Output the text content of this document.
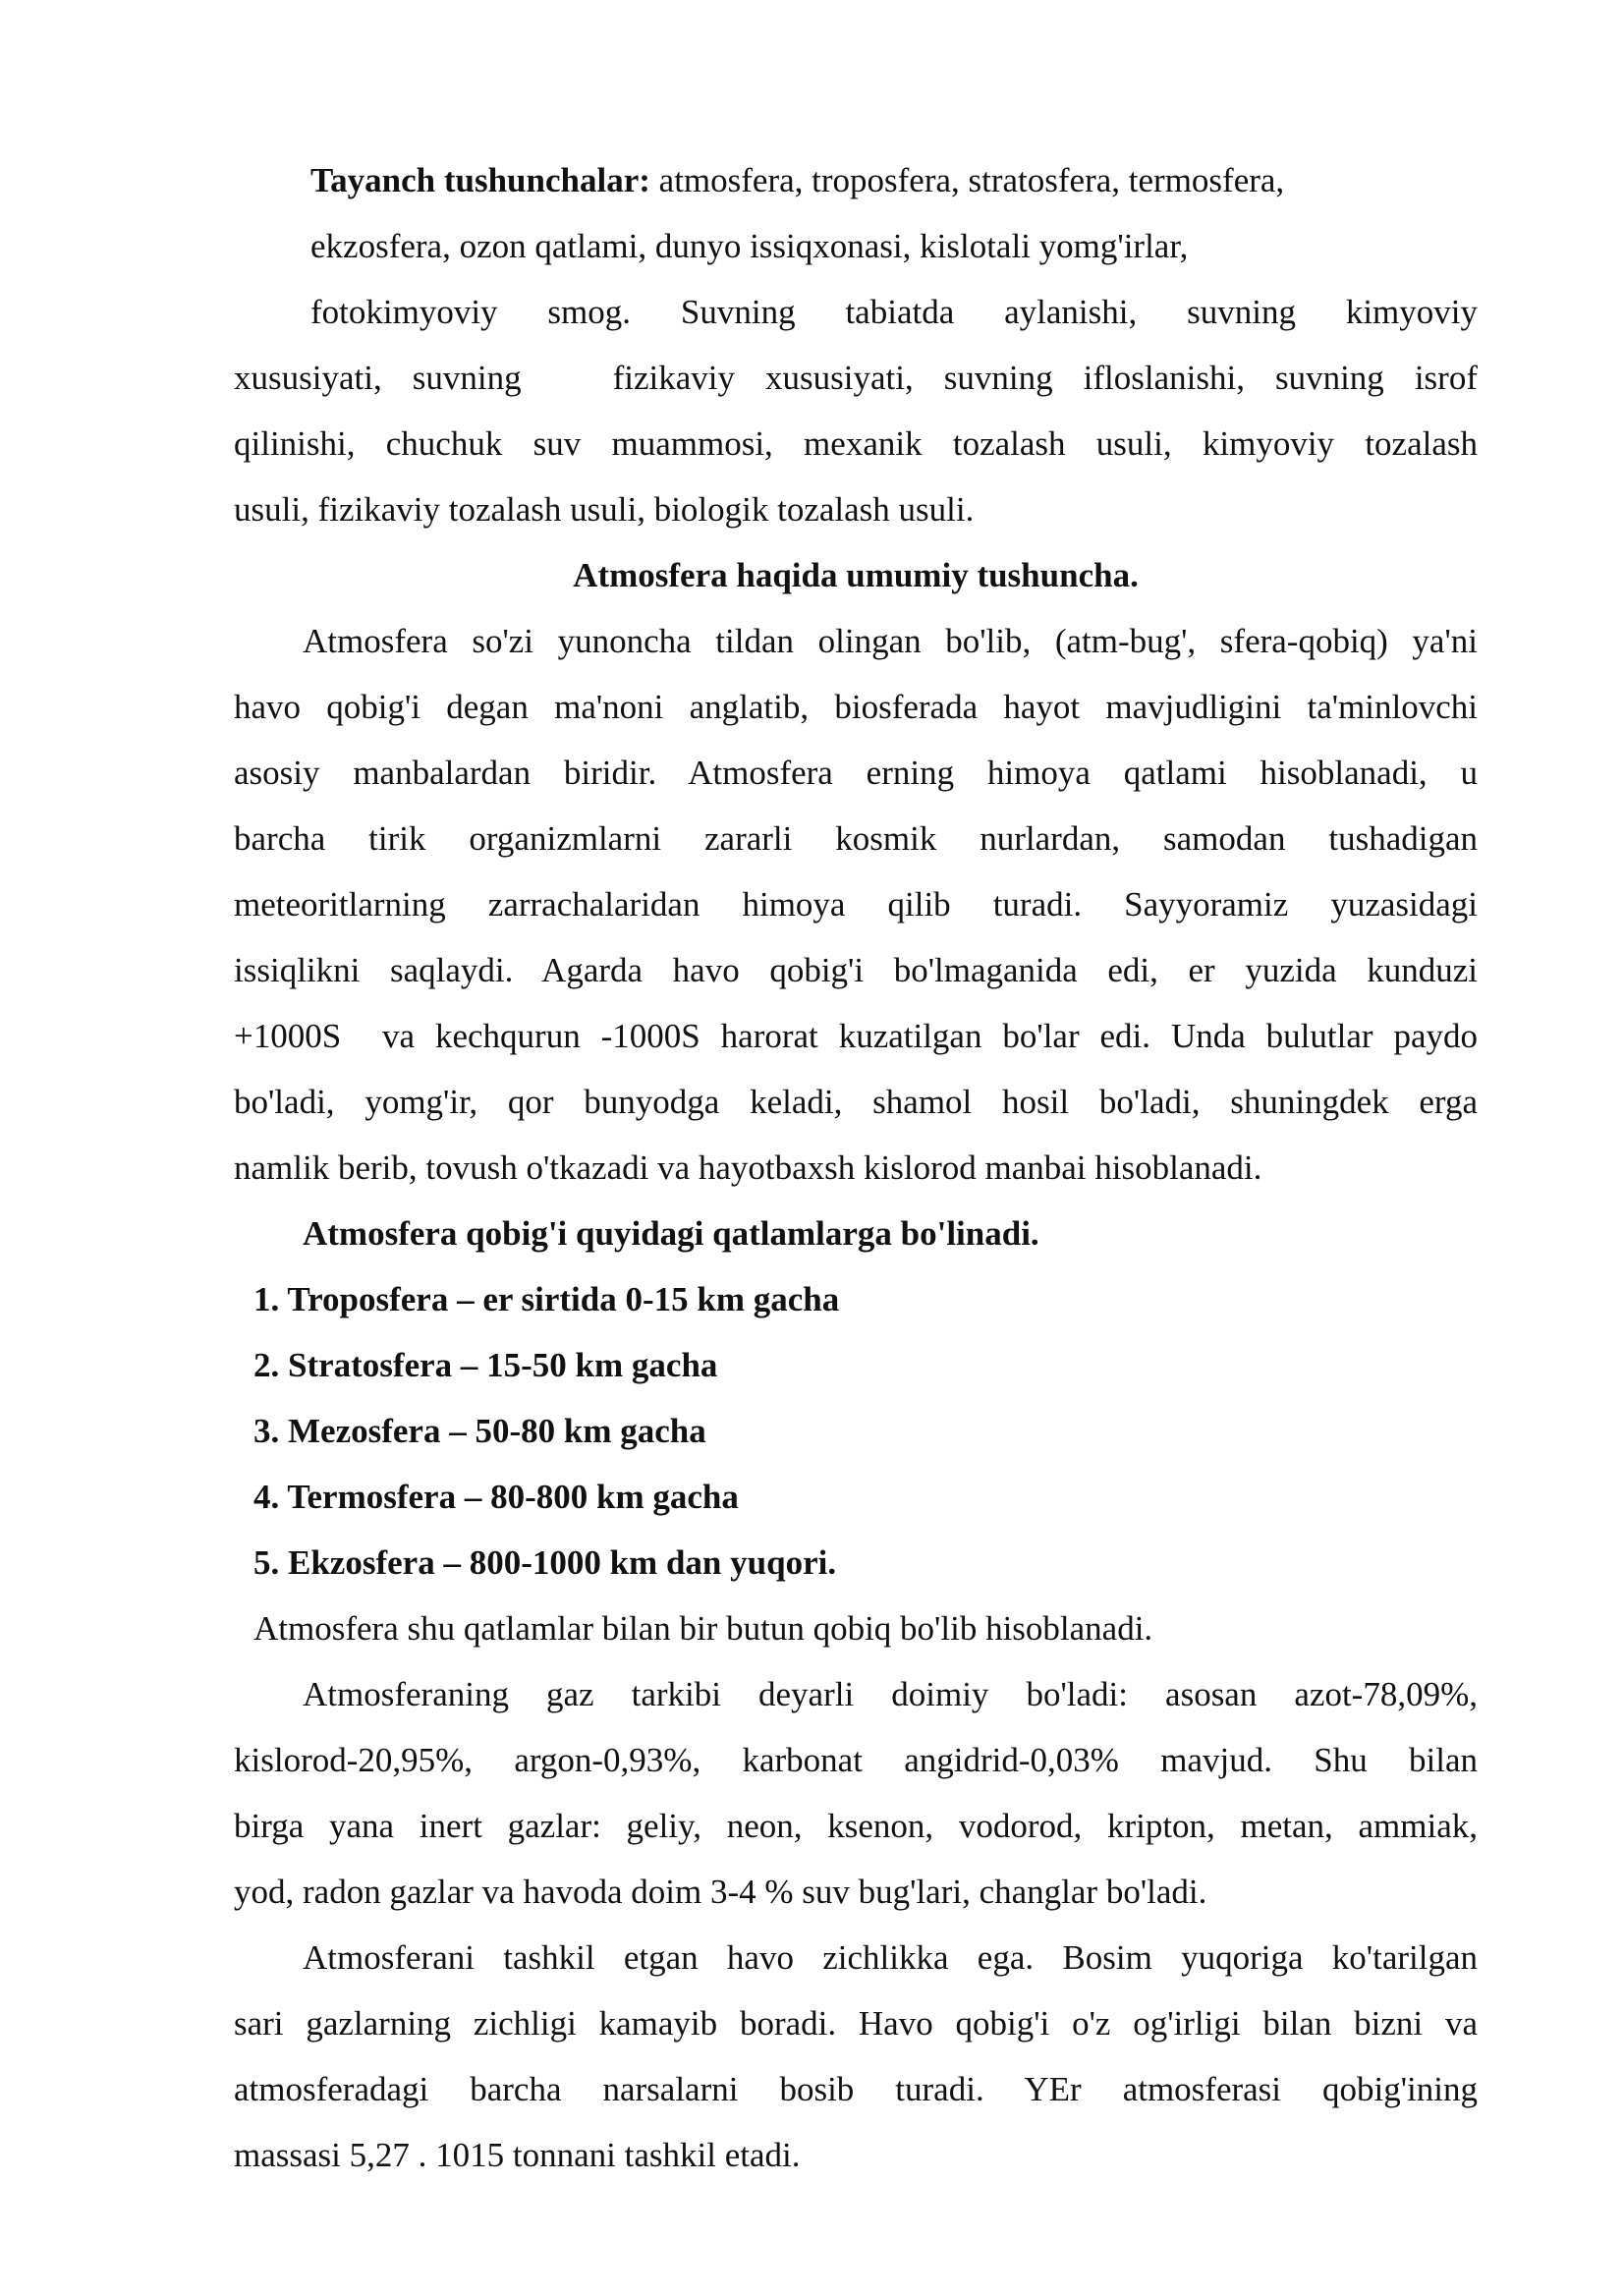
Tayanch tushunchalar: atmosfera, troposfera, stratosfera, termosfera,
ekzosfera, ozon qatlami, dunyo issiqxonasi, kislotali yomg'irlar,
fotokimyoviy smog. Suvning tabiatda aylanishi, suvning kimyoviy
xususiyati, suvning   fizikaviy xususiyati, suvning ifloslanishi, suvning isrof
qilinishi, chuchuk suv muammosi, mexanik tozalash usuli, kimyoviy tozalash
usuli, fizikaviy tozalash usuli, biologik tozalash usuli.
Atmosfera haqida umumiy tushuncha.
Atmosfera so'zi yunoncha tildan olingan bo'lib, (atm-bug', sfera-qobiq) ya'ni
havo qobig'i degan ma'noni anglatib, biosferada hayot mavjudligini ta'minlovchi
asosiy manbalardan biridir. Atmosfera erning himoya qatlami hisoblanadi, u
barcha tirik organizmlarni zararli kosmik nurlardan, samodan tushadigan
meteoritlarning zarrachalaridan himoya qilib turadi. Sayyoramiz yuzasidagi
issiqlikni saqlaydi. Agarda havo qobig'i bo'lmaganida edi, er yuzida kunduzi
+1000S  va kechqurun -1000S harorat kuzatilgan bo'lar edi. Unda bulutlar paydo
bo'ladi, yomg'ir, qor bunyodga keladi, shamol hosil bo'ladi, shuningdek erga
namlik berib, tovush o'tkazadi va hayotbaxsh kislorod manbai hisoblanadi.
Atmosfera qobig'i quyidagi qatlamlarga bo'linadi.
1. Troposfera – er sirtida 0-15 km gacha
2. Stratosfera – 15-50 km gacha
3. Mezosfera – 50-80 km gacha
4. Termosfera – 80-800 km gacha
5. Ekzosfera – 800-1000 km dan yuqori.
Atmosfera shu qatlamlar bilan bir butun qobiq bo'lib hisoblanadi.
Atmosferaning gaz tarkibi deyarli doimiy bo'ladi: asosan azot-78,09%,
kislorod-20,95%, argon-0,93%, karbonat angidrid-0,03% mavjud. Shu bilan
birga yana inert gazlar: geliy, neon, ksenon, vodorod, kripton, metan, ammiak,
yod, radon gazlar va havoda doim 3-4 % suv bug'lari, changlar bo'ladi.
Atmosferani tashkil etgan havo zichlikka ega. Bosim yuqoriga ko'tarilgan
sari gazlarning zichligi kamayib boradi. Havo qobig'i o'z og'irligi bilan bizni va
atmosferadagi barcha narsalarni bosib turadi. YEr atmosferasi qobig'ining
massasi 5,27 . 1015 tonnani tashkil etadi.
